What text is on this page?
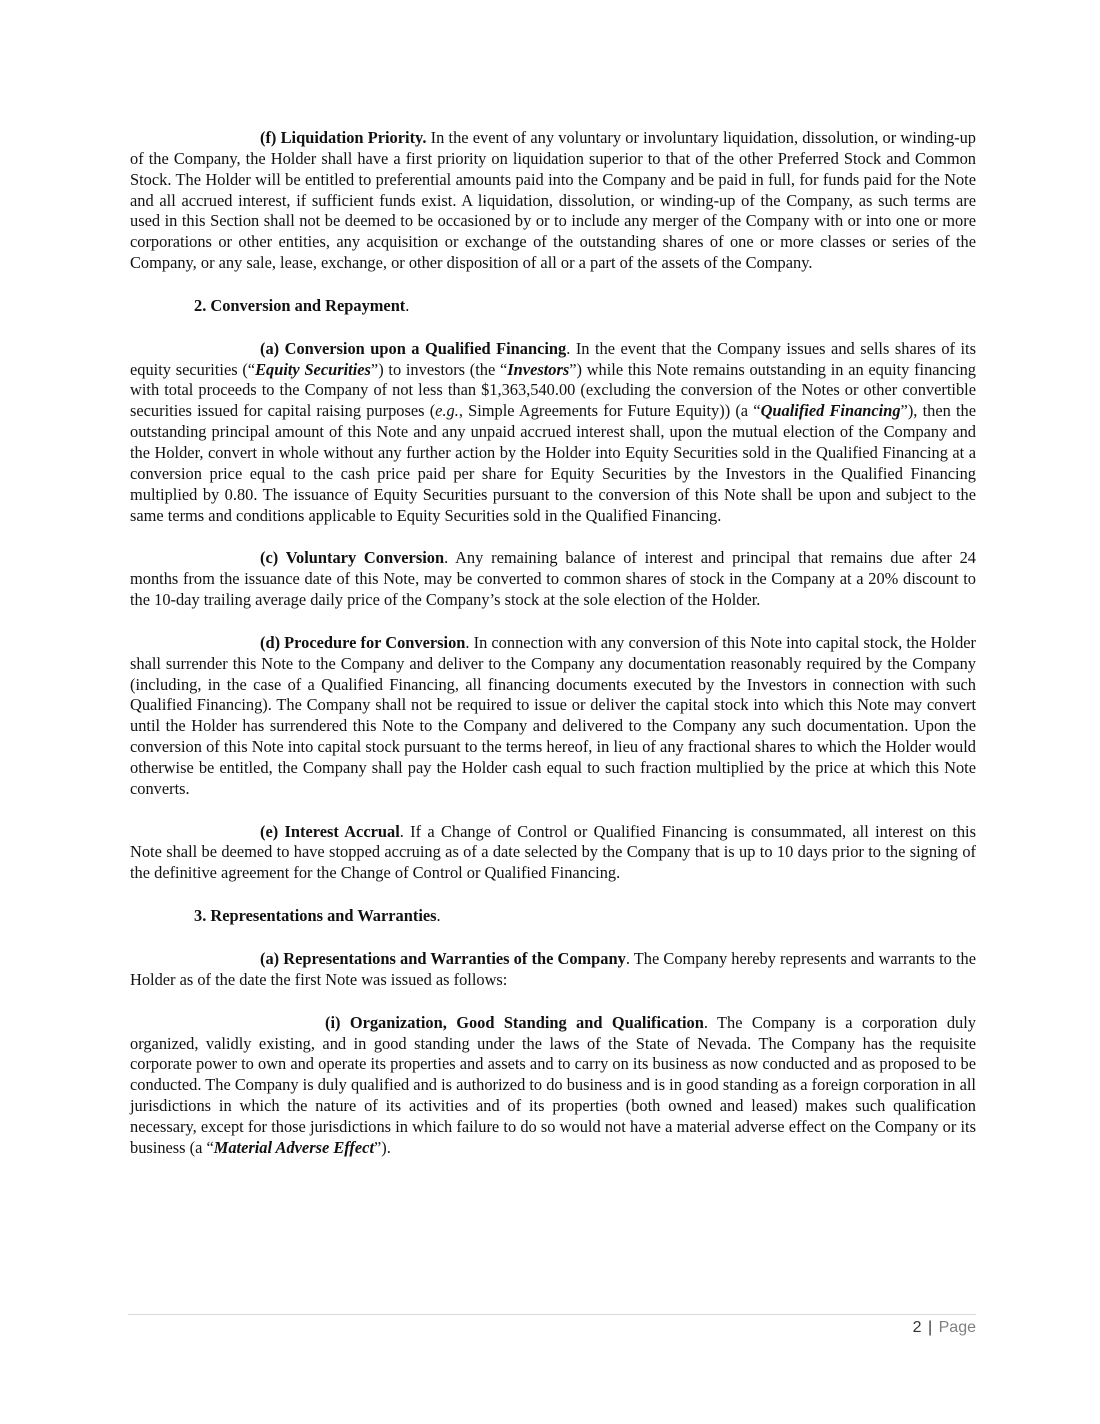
(f) Liquidation Priority. In the event of any voluntary or involuntary liquidation, dissolution, or winding-up of the Company, the Holder shall have a first priority on liquidation superior to that of the other Preferred Stock and Common Stock. The Holder will be entitled to preferential amounts paid into the Company and be paid in full, for funds paid for the Note and all accrued interest, if sufficient funds exist. A liquidation, dissolution, or winding-up of the Company, as such terms are used in this Section shall not be deemed to be occasioned by or to include any merger of the Company with or into one or more corporations or other entities, any acquisition or exchange of the outstanding shares of one or more classes or series of the Company, or any sale, lease, exchange, or other disposition of all or a part of the assets of the Company.

2. Conversion and Repayment.

(a) Conversion upon a Qualified Financing. In the event that the Company issues and sells shares of its equity securities (“Equity Securities”) to investors (the “Investors”) while this Note remains outstanding in an equity financing with total proceeds to the Company of not less than $1,363,540.00 (excluding the conversion of the Notes or other convertible securities issued for capital raising purposes (e.g., Simple Agreements for Future Equity)) (a “Qualified Financing”), then the outstanding principal amount of this Note and any unpaid accrued interest shall, upon the mutual election of the Company and the Holder, convert in whole without any further action by the Holder into Equity Securities sold in the Qualified Financing at a conversion price equal to the cash price paid per share for Equity Securities by the Investors in the Qualified Financing multiplied by 0.80. The issuance of Equity Securities pursuant to the conversion of this Note shall be upon and subject to the same terms and conditions applicable to Equity Securities sold in the Qualified Financing.

(c) Voluntary Conversion. Any remaining balance of interest and principal that remains due after 24 months from the issuance date of this Note, may be converted to common shares of stock in the Company at a 20% discount to the 10-day trailing average daily price of the Company’s stock at the sole election of the Holder.

(d) Procedure for Conversion. In connection with any conversion of this Note into capital stock, the Holder shall surrender this Note to the Company and deliver to the Company any documentation reasonably required by the Company (including, in the case of a Qualified Financing, all financing documents executed by the Investors in connection with such Qualified Financing). The Company shall not be required to issue or deliver the capital stock into which this Note may convert until the Holder has surrendered this Note to the Company and delivered to the Company any such documentation. Upon the conversion of this Note into capital stock pursuant to the terms hereof, in lieu of any fractional shares to which the Holder would otherwise be entitled, the Company shall pay the Holder cash equal to such fraction multiplied by the price at which this Note converts.

(e) Interest Accrual. If a Change of Control or Qualified Financing is consummated, all interest on this Note shall be deemed to have stopped accruing as of a date selected by the Company that is up to 10 days prior to the signing of the definitive agreement for the Change of Control or Qualified Financing.

3. Representations and Warranties.

(a) Representations and Warranties of the Company. The Company hereby represents and warrants to the Holder as of the date the first Note was issued as follows:

(i) Organization, Good Standing and Qualification. The Company is a corporation duly organized, validly existing, and in good standing under the laws of the State of Nevada. The Company has the requisite corporate power to own and operate its properties and assets and to carry on its business as now conducted and as proposed to be conducted. The Company is duly qualified and is authorized to do business and is in good standing as a foreign corporation in all jurisdictions in which the nature of its activities and of its properties (both owned and leased) makes such qualification necessary, except for those jurisdictions in which failure to do so would not have a material adverse effect on the Company or its business (a “Material Adverse Effect”).

2 | Page
